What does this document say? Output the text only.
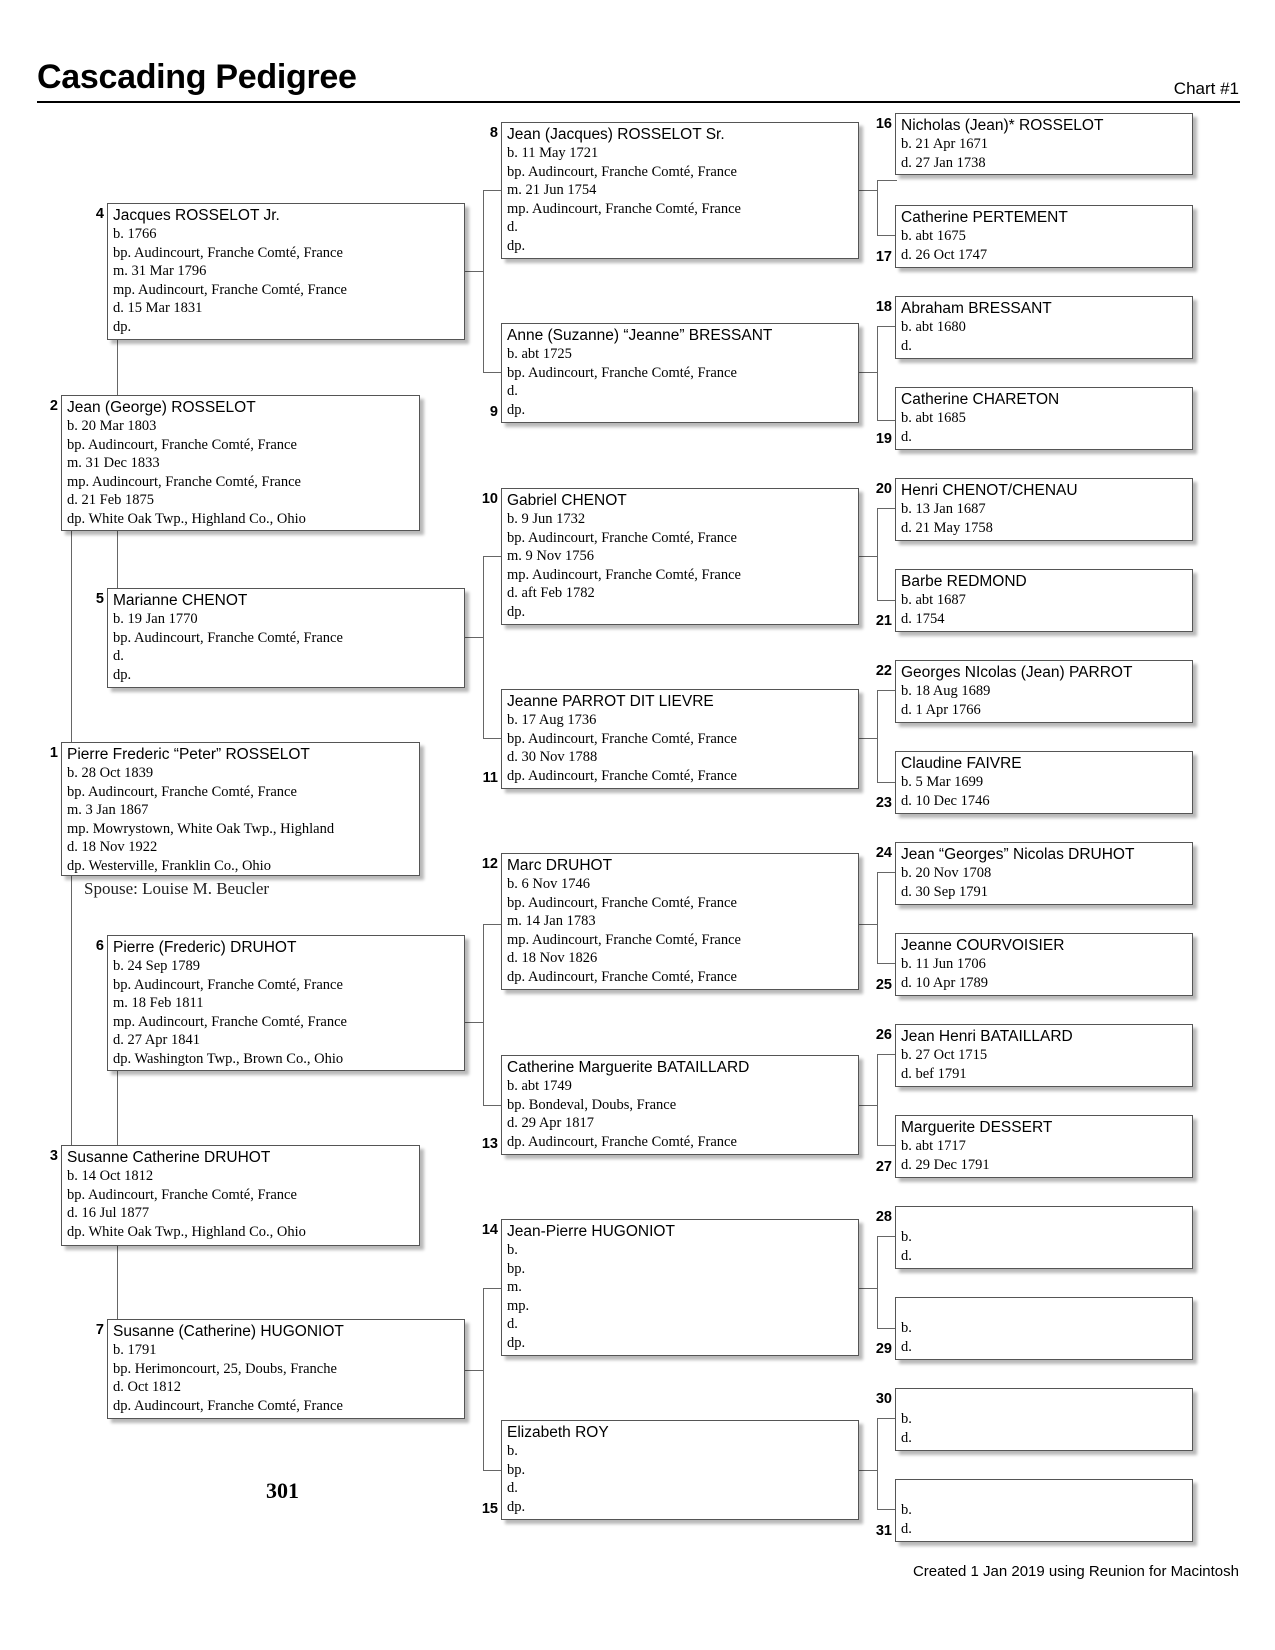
Cascading Pedigree	Chart #1
Pierre Frederic “Peter” ROSSELOT
b. 28 Oct 1839
bp. Audincourt, Franche Comté, France
m. 3 Jan 1867
mp. Mowrystown, White Oak Twp., Highland
d. 18 Nov 1922
dp. Westerville, Franklin Co., Ohio
1
Jean (George) ROSSELOT
b. 20 Mar 1803
bp. Audincourt, Franche Comté, France
m. 31 Dec 1833
mp. Audincourt, Franche Comté, France
d. 21 Feb 1875
dp. White Oak Twp., Highland Co., Ohio
2
Susanne Catherine DRUHOT
b. 14 Oct 1812
bp. Audincourt, Franche Comté, France
d. 16 Jul 1877
dp. White Oak Twp., Highland Co., Ohio
3
Jacques ROSSELOT Jr.
b. 1766
bp. Audincourt, Franche Comté, France
m. 31 Mar 1796
mp. Audincourt, Franche Comté, France
d. 15 Mar 1831
dp.
4
Marianne CHENOT
b. 19 Jan 1770
bp. Audincourt, Franche Comté, France
d.
dp.
5
Pierre (Frederic) DRUHOT
b. 24 Sep 1789
bp. Audincourt, Franche Comté, France
m. 18 Feb 1811
mp. Audincourt, Franche Comté, France
d. 27 Apr 1841
dp. Washington Twp., Brown Co., Ohio
6
Susanne (Catherine) HUGONIOT
b. 1791
bp. Herimoncourt, 25, Doubs, Franche
d. Oct 1812
dp. Audincourt, Franche Comté, France
7
Jean (Jacques) ROSSELOT Sr.
b. 11 May 1721
bp. Audincourt, Franche Comté, France
m. 21 Jun 1754
mp. Audincourt, Franche Comté, France
d.
dp.
8
Anne (Suzanne) “Jeanne” BRESSANT
b. abt 1725
bp. Audincourt, Franche Comté, France
d.
dp.
9
Gabriel CHENOT
b. 9 Jun 1732
bp. Audincourt, Franche Comté, France
m. 9 Nov 1756
mp. Audincourt, Franche Comté, France
d. aft Feb 1782
dp.
10
Jeanne PARROT DIT LIEVRE
b. 17 Aug 1736
bp. Audincourt, Franche Comté, France
d. 30 Nov 1788
dp. Audincourt, Franche Comté, France
11
Marc DRUHOT
b. 6 Nov 1746
bp. Audincourt, Franche Comté, France
m. 14 Jan 1783
mp. Audincourt, Franche Comté, France
d. 18 Nov 1826
dp. Audincourt, Franche Comté, France
12
Catherine Marguerite BATAILLARD
b. abt 1749
bp. Bondeval, Doubs, France
d. 29 Apr 1817
dp. Audincourt, Franche Comté, France
13
Jean-Pierre HUGONIOT
b.
bp.
m.
mp.
d.
dp.
14
Elizabeth ROY
b.
bp.
d.
dp.
15
Nicholas (Jean)* ROSSELOT
b. 21 Apr 1671
d. 27 Jan 1738
16
Catherine PERTEMENT
b. abt 1675
d. 26 Oct 1747
17
Abraham BRESSANT
b. abt 1680
d.
18
Catherine CHARETON
b. abt 1685
d.
19
Henri CHENOT/CHENAU
b. 13 Jan 1687
d. 21 May 1758
20
Barbe REDMOND
b. abt 1687
d. 1754
21
Georges NIcolas (Jean) PARROT
b. 18 Aug 1689
d. 1 Apr 1766
22
Claudine FAIVRE
b. 5 Mar 1699
d. 10 Dec 1746
23
Jean “Georges” Nicolas DRUHOT
b. 20 Nov 1708
d. 30 Sep 1791
24
Jeanne COURVOISIER
b. 11 Jun 1706
d. 10 Apr 1789
25
Jean Henri BATAILLARD
b. 27 Oct 1715
d. bef 1791
26
Marguerite DESSERT
b. abt 1717
d. 29 Dec 1791
27

b.
d.
28

b.
d.
29

b.
d.
30

b.
d.
31
Spouse: Louise M. Beucler
301
Created 1 Jan 2019 using Reunion for Macintosh
